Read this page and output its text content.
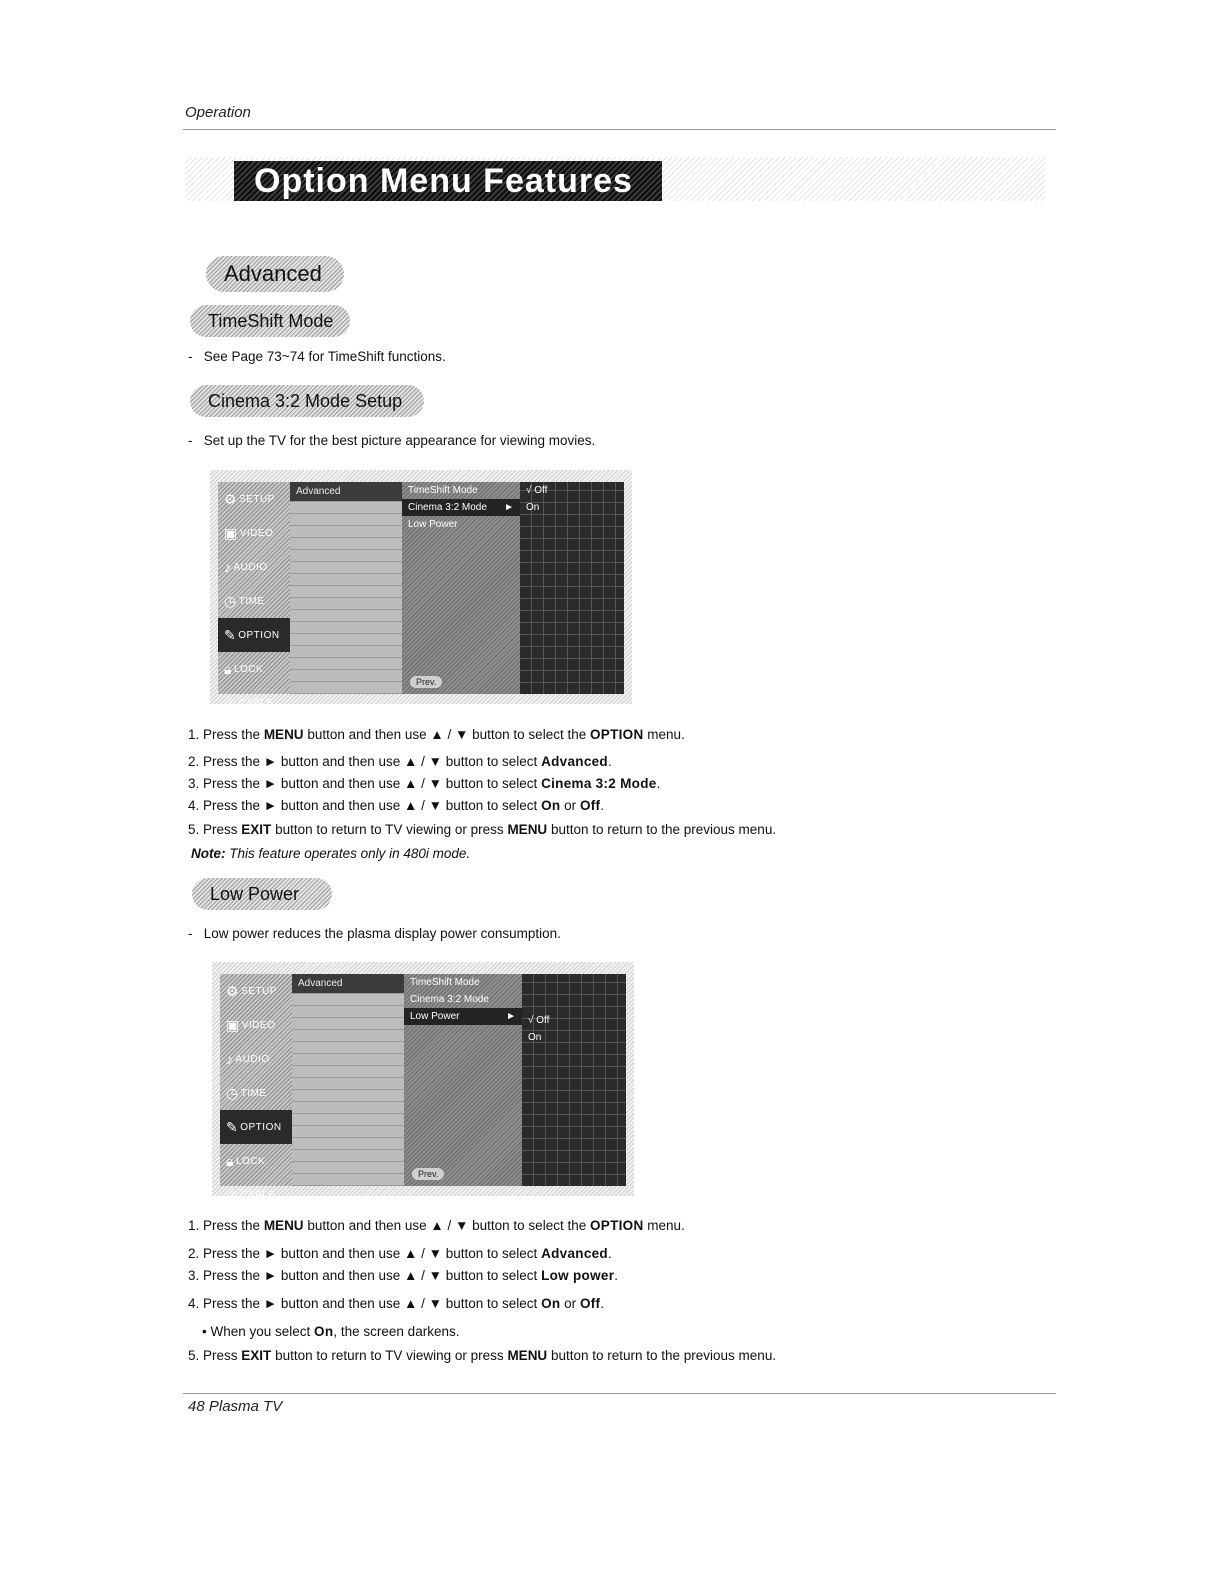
Operation
Option Menu Features
Advanced
TimeShift Mode
-   See Page 73~74 for TimeShift functions.
Cinema 3:2 Mode Setup
-   Set up the TV for the best picture appearance for viewing movies.
⚙ SETUP
▣ VIDEO
♪ AUDIO
◷ TIME
✎ OPTION
🔒︎ LOCK
✓ CABLE
Advanced	TimeShift Mode
Cinema 3:2 Mode ►
Low Power
√ Off
On
Prev.
1. Press the MENU button and then use ▲ / ▼ button to select the OPTION menu.
2. Press the ► button and then use ▲ / ▼ button to select Advanced.
3. Press the ► button and then use ▲ / ▼ button to select Cinema 3:2 Mode.
4. Press the ► button and then use ▲ / ▼ button to select On or Off.
5. Press EXIT button to return to TV viewing or press MENU button to return to the previous menu.
Note: This feature operates only in 480i mode.
Low Power
-   Low power reduces the plasma display power consumption.
⚙ SETUP
▣ VIDEO
♪ AUDIO
◷ TIME
✎ OPTION
🔒︎ LOCK
✓ CABLE
Advanced	TimeShift Mode
Cinema 3:2 Mode
Low Power	►	√ Off
On
Prev.
1. Press the MENU button and then use ▲ / ▼ button to select the OPTION menu.
2. Press the ► button and then use ▲ / ▼ button to select Advanced.
3. Press the ► button and then use ▲ / ▼ button to select Low power.
4. Press the ► button and then use ▲ / ▼ button to select On or Off.
• When you select On, the screen darkens.
5. Press EXIT button to return to TV viewing or press MENU button to return to the previous menu.
48 Plasma TV
